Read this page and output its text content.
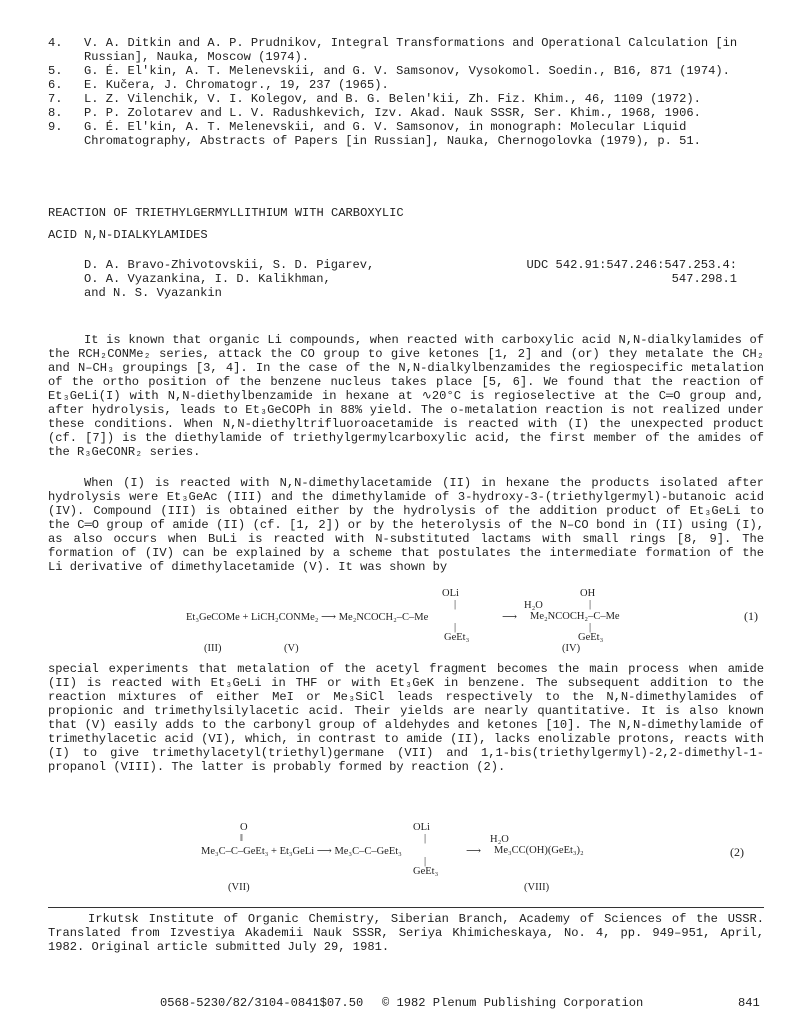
4.	V. A. Ditkin and A. P. Prudnikov, Integral Transformations and Operational Calculation [in Russian], Nauka, Moscow (1974).
5.	G. É. El'kin, A. T. Melenevskii, and G. V. Samsonov, Vysokomol. Soedin., B16, 871 (1974).
6.	E. Kučera, J. Chromatogr., 19, 237 (1965).
7.	L. Z. Vilenchik, V. I. Kolegov, and B. G. Belen'kii, Zh. Fiz. Khim., 46, 1109 (1972).
8.	P. P. Zolotarev and L. V. Radushkevich, Izv. Akad. Nauk SSSR, Ser. Khim., 1968, 1906.
9.	G. É. El'kin, A. T. Melenevskii, and G. V. Samsonov, in monograph: Molecular Liquid Chromatography, Abstracts of Papers [in Russian], Nauka, Chernogolovka (1979), p. 51.
REACTION OF TRIETHYLGERMYLLITHIUM WITH CARBOXYLIC
ACID N,N-DIALKYLAMIDES
D. A. Bravo-Zhivotovskii, S. D. Pigarev,
O. A. Vyazankina, I. D. Kalikhman,
and N. S. Vyazankin
UDC 542.91:547.246:547.253.4:
547.298.1
It is known that organic Li compounds, when reacted with carboxylic acid N,N-dialkylamides of the RCH₂CONMe₂ series, attack the CO group to give ketones [1, 2] and (or) they metalate the CH₂ and N–CH₃ groupings [3, 4]. In the case of the N,N-dialkylbenzamides the regiospecific metalation of the ortho position of the benzene nucleus takes place [5, 6]. We found that the reaction of Et₃GeLi(I) with N,N-diethylbenzamide in hexane at ∿20°C is regioselective at the C═O group and, after hydrolysis, leads to Et₃GeCOPh in 88% yield. The o-metalation reaction is not realized under these conditions. When N,N-diethyltrifluoroacetamide is reacted with (I) the unexpected product (cf. [7]) is the diethylamide of triethylgermylcarboxylic acid, the first member of the amides of the R₃GeCONR₂ series.
When (I) is reacted with N,N-dimethylacetamide (II) in hexane the products isolated after hydrolysis were Et₃GeAc (III) and the dimethylamide of 3-hydroxy-3-(triethylgermyl)-butanoic acid (IV). Compound (III) is obtained either by the hydrolysis of the addition product of Et₃GeLi to the C═O group of amide (II) (cf. [1, 2]) or by the heterolysis of the N–CO bond in (II) using (I), as also occurs when BuLi is reacted with N-substituted lactams with small rings [8, 9]. The formation of (IV) can be explained by a scheme that postulates the intermediate formation of the Li derivative of dimethylacetamide (V). It was shown by
OLi
|
Et₃GeCOMe + LiCH₂CONMe₂ ⟶ Me₂NCOCH₂–C–Me
H₂O
⟶ Me₂NCOCH₂–C–Me
OH
|
|	|
GeEt₃	GeEt₃
(III)	(V)	(IV)
(1)
special experiments that metalation of the acetyl fragment becomes the main process when amide (II) is reacted with Et₃GeLi in THF or with Et₃GeK in benzene. The subsequent addition to the reaction mixtures of either MeI or Me₃SiCl leads respectively to the N,N-dimethylamides of propionic and trimethylsilylacetic acid. Their yields are nearly quantitative. It is also known that (V) easily adds to the carbonyl group of aldehydes and ketones [10]. The N,N-dimethylamide of trimethylacetic acid (VI), which, in contrast to amide (II), lacks enolizable protons, reacts with (I) to give trimethylacetyl(triethyl)germane (VII) and 1,1-bis(triethylgermyl)-2,2-dimethyl-1-propanol (VIII). The latter is probably formed by reaction (2).
O
‖
OLi
|
Me₃C–C–GeEt₃ + Et₃GeLi ⟶ Me₃C–C–GeEt₃
H₂O
⟶ Me₃CC(OH)(GeEt₃)₂
|
GeEt₃
(VII)	(VIII)
(2)
Irkutsk Institute of Organic Chemistry, Siberian Branch, Academy of Sciences of the USSR. Translated from Izvestiya Akademii Nauk SSSR, Seriya Khimicheskaya, No. 4, pp. 949–951, April, 1982. Original article submitted July 29, 1981.
0568-5230/82/3104-0841$07.50 © 1982 Plenum Publishing Corporation	841
